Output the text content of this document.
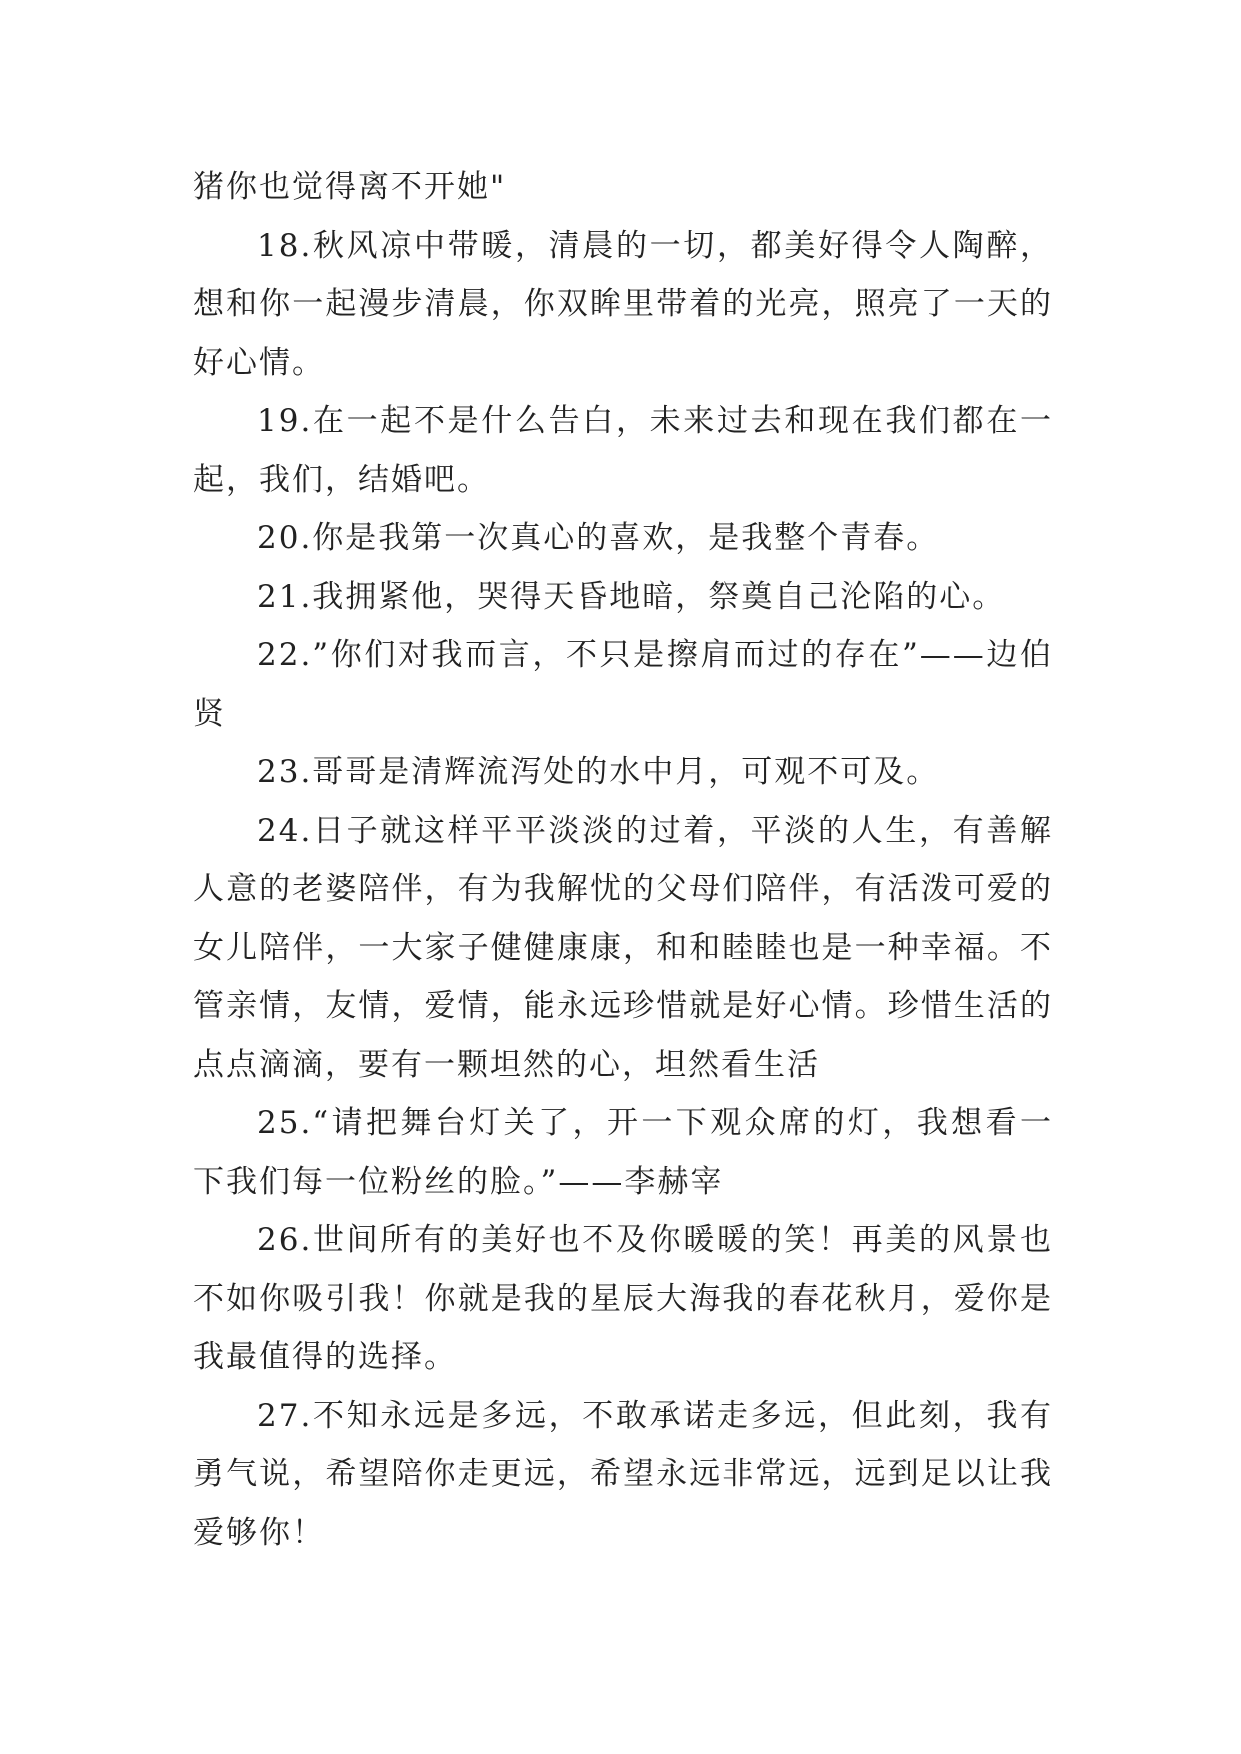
猪你也觉得离不开她"

18.秋风凉中带暖，清晨的一切，都美好得令人陶醉，想和你一起漫步清晨，你双眸里带着的光亮，照亮了一天的好心情。

19.在一起不是什么告白，未来过去和现在我们都在一起，我们，结婚吧。

20.你是我第一次真心的喜欢，是我整个青春。

21.我拥紧他，哭得天昏地暗，祭奠自己沦陷的心。

22.”你们对我而言，不只是擦肩而过的存在”——边伯贤

23.哥哥是清辉流泻处的水中月，可观不可及。

24.日子就这样平平淡淡的过着，平淡的人生，有善解人意的老婆陪伴，有为我解忧的父母们陪伴，有活泼可爱的女儿陪伴，一大家子健健康康，和和睦睦也是一种幸福。不管亲情，友情，爱情，能永远珍惜就是好心情。珍惜生活的点点滴滴，要有一颗坦然的心，坦然看生活

25.“请把舞台灯关了，开一下观众席的灯，我想看一下我们每一位粉丝的脸。”——李赫宰

26.世间所有的美好也不及你暖暖的笑！再美的风景也不如你吸引我！你就是我的星辰大海我的春花秋月，爱你是我最值得的选择。

27.不知永远是多远，不敢承诺走多远，但此刻，我有勇气说，希望陪你走更远，希望永远非常远，远到足以让我爱够你！
